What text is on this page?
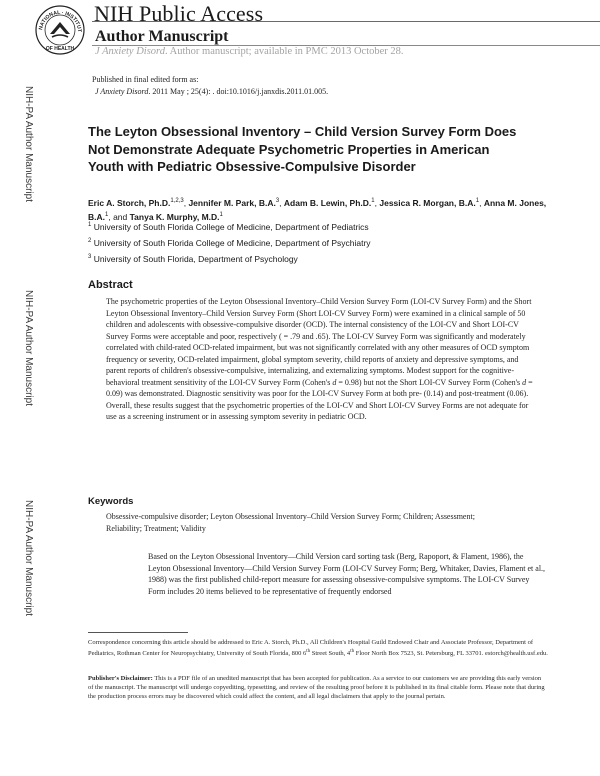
NATIONAL · INSTITUT
OF HEALTH
NIH Public Access
Author Manuscript
J Anxiety Disord. Author manuscript; available in PMC 2013 October 28.
NIH-PA Author Manuscript
NIH-PA Author Manuscript
NIH-PA Author Manuscript
Published in final edited form as:
J Anxiety Disord. 2011 May ; 25(4): . doi:10.1016/j.janxdis.2011.01.005.
The Leyton Obsessional Inventory – Child Version Survey Form Does Not Demonstrate Adequate Psychometric Properties in American Youth with Pediatric Obsessive-Compulsive Disorder
Eric A. Storch, Ph.D.$^{1,2,3}$, Jennifer M. Park, B.A.$^3$, Adam B. Lewin, Ph.D.$^1$, Jessica R. Morgan, B.A.$^1$, Anna M. Jones, B.A.$^1$, and Tanya K. Murphy, M.D.$^1$
$^1$ University of South Florida College of Medicine, Department of Pediatrics
$^2$ University of South Florida College of Medicine, Department of Psychiatry
$^3$ University of South Florida, Department of Psychology
Abstract
The psychometric properties of the Leyton Obsessional Inventory–Child Version Survey Form (LOI-CV Survey Form) and the Short Leyton Obsessional Inventory–Child Version Survey Form (Short LOI-CV Survey Form) were examined in a clinical sample of 50 children and adolescents with obsessive-compulsive disorder (OCD). The internal consistency of the LOI-CV and Short LOI-CV Survey Forms were acceptable and poor, respectively ( = .79 and .65). The LOI-CV Survey Form was significantly and moderately correlated with child-rated OCD-related impairment, but was not significantly correlated with any other measures of OCD symptom frequency or severity, OCD-related impairment, global symptom severity, child reports of anxiety and depressive symptoms, and parent reports of children's obsessive-compulsive, internalizing, and externalizing symptoms. Modest support for the cognitive-behavioral treatment sensitivity of the LOI-CV Survey Form (Cohen's d = 0.98) but not the Short LOI-CV Survey Form (Cohen's d = 0.09) was demonstrated. Diagnostic sensitivity was poor for the LOI-CV Survey Form at both pre- (0.14) and post-treatment (0.06). Overall, these results suggest that the psychometric properties of the LOI-CV and Short LOI-CV Survey Forms are not adequate for use as a screening instrument or in assessing symptom severity in pediatric OCD.
Keywords
Obsessive-compulsive disorder; Leyton Obsessional Inventory–Child Version Survey Form; Children; Assessment; Reliability; Treatment; Validity
Based on the Leyton Obsessional Inventory—Child Version card sorting task (Berg, Rapoport, & Flament, 1986), the Leyton Obsessional Inventory—Child Version Survey Form (LOI-CV Survey Form; Berg, Whitaker, Davies, Flament et al., 1988) was the first published child-report measure for assessing obsessive-compulsive symptoms. The LOI-CV Survey Form includes 20 items believed to be representative of frequently endorsed
Correspondence concerning this article should be addressed to Eric A. Storch, Ph.D., All Children's Hospital Guild Endowed Chair and Associate Professor, Department of Pediatrics, Rothman Center for Neuropsychiatry, University of South Florida, 800 6th Street South, 4th Floor North Box 7523, St. Petersburg, FL 33701. estorch@health.usf.edu.
Publisher's Disclaimer: This is a PDF file of an unedited manuscript that has been accepted for publication. As a service to our customers we are providing this early version of the manuscript. The manuscript will undergo copyediting, typesetting, and review of the resulting proof before it is published in its final citable form. Please note that during the production process errors may be discovered which could affect the content, and all legal disclaimers that apply to the journal pertain.
